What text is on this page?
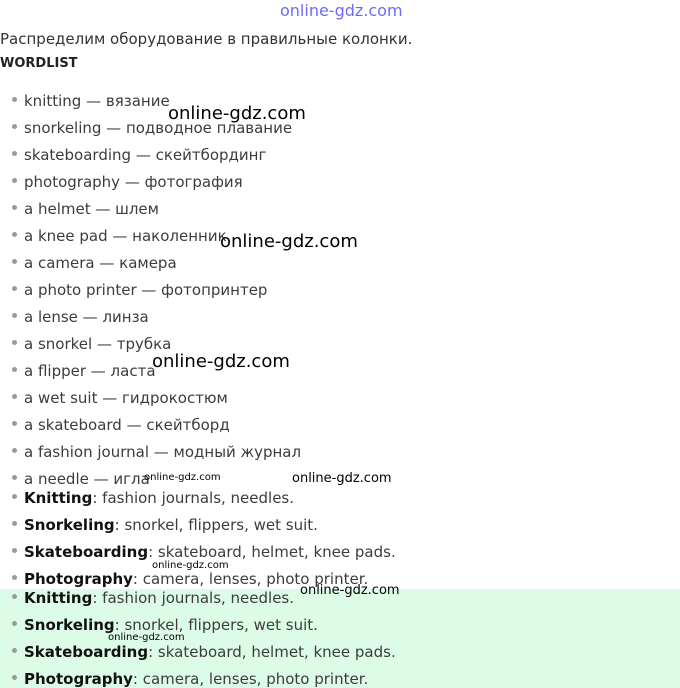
online-gdz.com
Распределим оборудование в правильные колонки.
WORDLIST
knitting — вязание
snorkeling — подводное плавание
skateboarding — скейтбординг
photography — фотография
a helmet — шлем
a knee pad — наколенник
a camera — камера
a photo printer — фотопринтер
a lense — линза
a snorkel — трубка
a flipper — ласта
a wet suit — гидрокостюм
a skateboard — скейтборд
a fashion journal — модный журнал
a needle — игла
Knitting: fashion journals, needles.
Snorkeling: snorkel, flippers, wet suit.
Skateboarding: skateboard, helmet, knee pads.
Photography: camera, lenses, photo printer.
Knitting: fashion journals, needles.
Snorkeling: snorkel, flippers, wet suit.
Skateboarding: skateboard, helmet, knee pads.
Photography: camera, lenses, photo printer.
online-gdz.com
online-gdz.com
online-gdz.com
online-gdz.com	online-gdz.com
online-gdz.com
online-gdz.com
online-gdz.com
